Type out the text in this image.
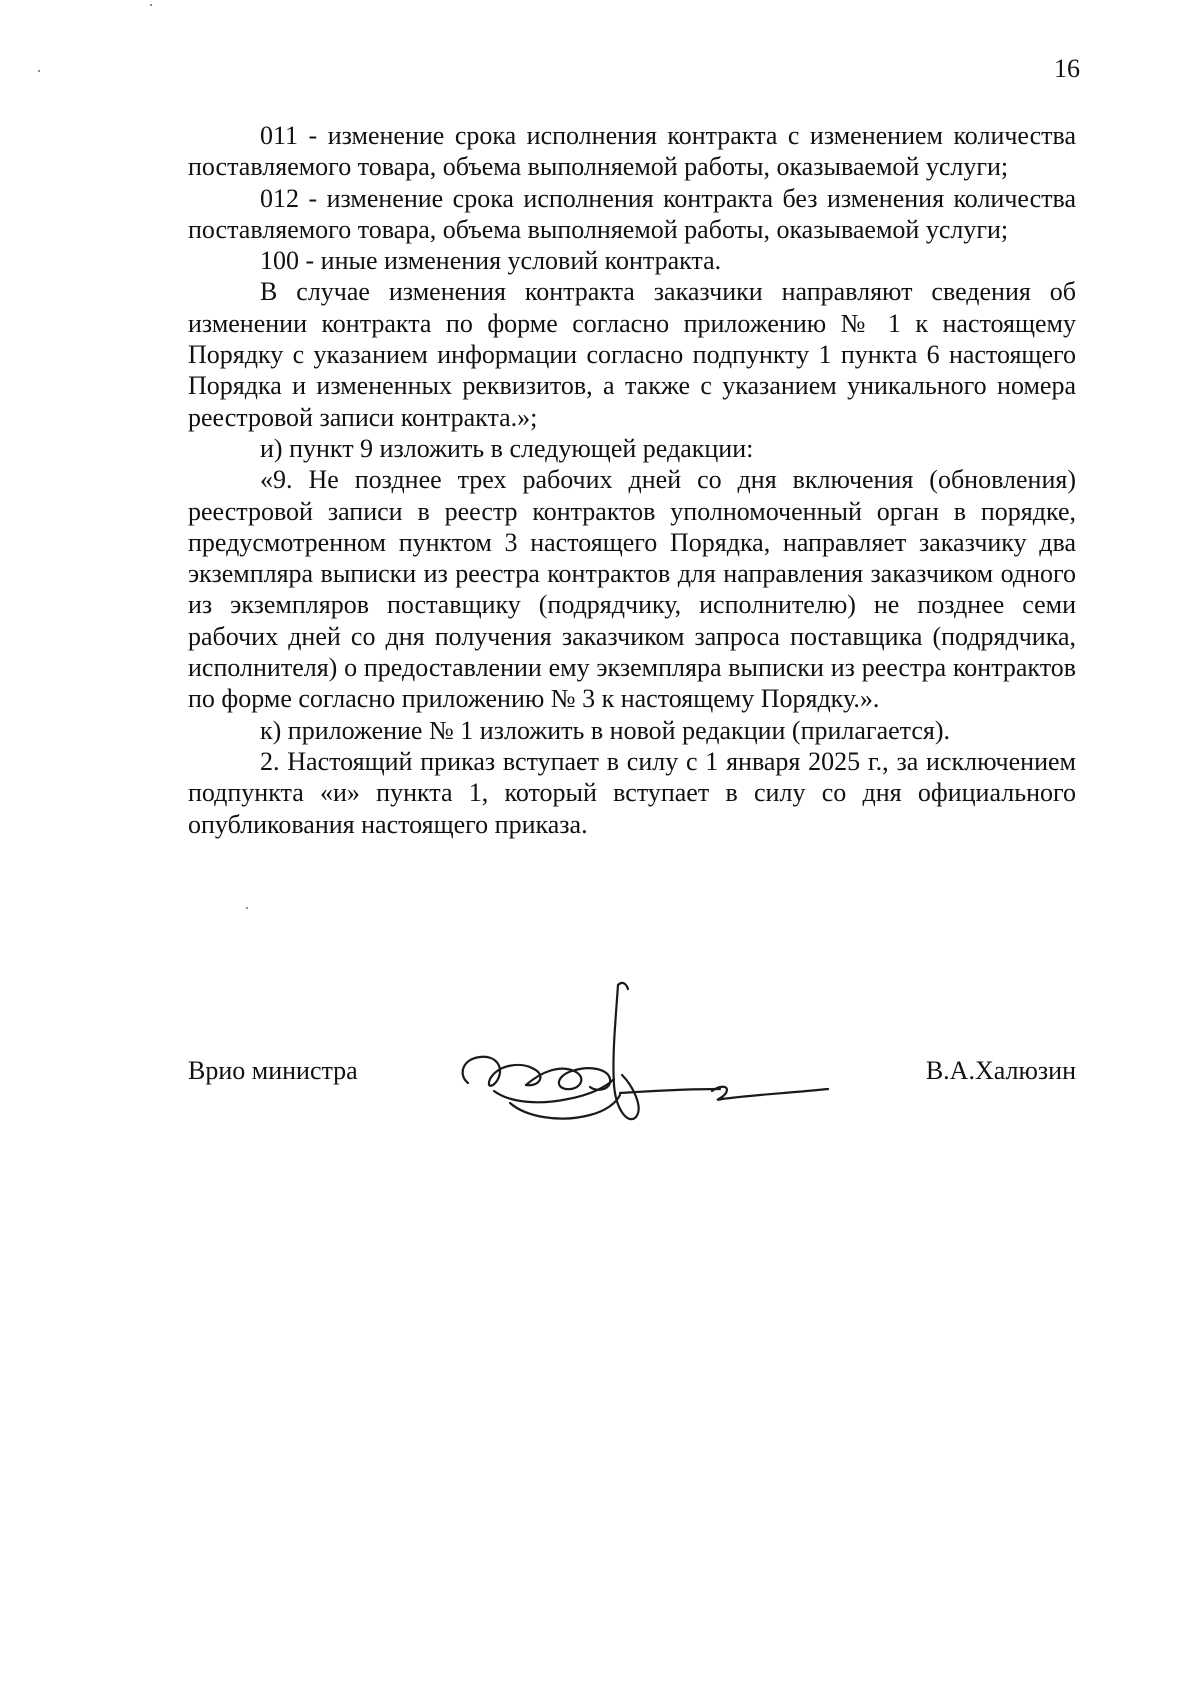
16

011 - изменение срока исполнения контракта с изменением количества поставляемого товара, объема выполняемой работы, оказываемой услуги;

012 - изменение срока исполнения контракта без изменения количества поставляемого товара, объема выполняемой работы, оказываемой услуги;

100 - иные изменения условий контракта.

В случае изменения контракта заказчики направляют сведения об изменении контракта по форме согласно приложению № 1 к настоящему Порядку с указанием информации согласно подпункту 1 пункта 6 настоящего Порядка и измененных реквизитов, а также с указанием уникального номера реестровой записи контракта.»;

и) пункт 9 изложить в следующей редакции:

«9. Не позднее трех рабочих дней со дня включения (обновления) реестровой записи в реестр контрактов уполномоченный орган в порядке, предусмотренном пунктом 3 настоящего Порядка, направляет заказчику два экземпляра выписки из реестра контрактов для направления заказчиком одного из экземпляров поставщику (подрядчику, исполнителю) не позднее семи рабочих дней со дня получения заказчиком запроса поставщика (подрядчика, исполнителя) о предоставлении ему экземпляра выписки из реестра контрактов по форме согласно приложению № 3 к настоящему Порядку.».

к) приложение № 1 изложить в новой редакции (прилагается).

2. Настоящий приказ вступает в силу с 1 января 2025 г., за исключением подпункта «и» пункта 1, который вступает в силу со дня официального опубликования настоящего приказа.

Врио министра	В.А.Халюзин
